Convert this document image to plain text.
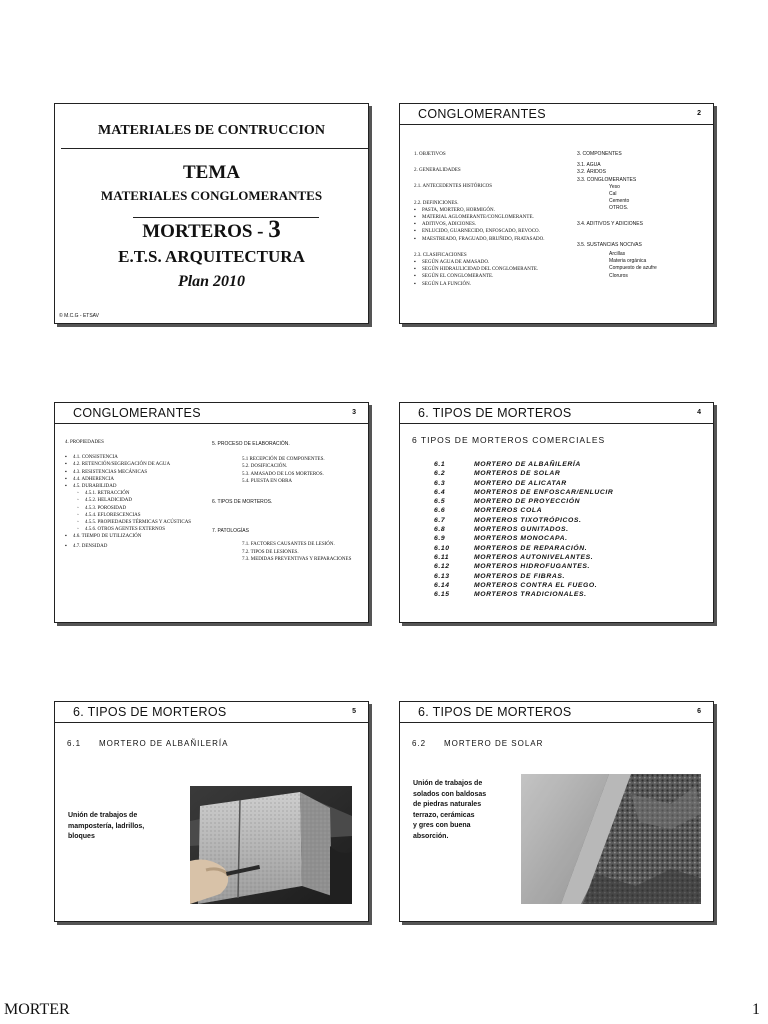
MATERIALES DE CONTRUCCION
TEMA
MATERIALES CONGLOMERANTES
MORTEROS - 3
E.T.S. ARQUITECTURA
Plan 2010
© M.C.G - ETSAV
CONGLOMERANTES	2
1. OBJETIVOS
2. GENERALIDADES
2.1. ANTECEDENTES HISTÓRICOS
2.2. DEFINICIONES.
▪ PASTA, MORTERO, HORMIGÓN.
▪ MATERIAL AGLOMERANTE/CONGLOMERANTE.
▪ ADITIVOS, ADICIONES.
▪ ENLUCIDO, GUARNECIDO, ENFOSCADO, REVOCO.
▪ MAESTREADO, FRAGUADO, BRUÑIDO, FRATASADO.
2.3. CLASIFICACIONES
▪ SEGÚN AGUA DE AMASADO.
▪ SEGÚN HIDRAULICIDAD DEL CONGLOMERANTE.
▪ SEGÚN EL CONGLOMERANTE.
▪ SEGÚN LA FUNCIÓN.
3. COMPONENTES
3.1. AGUA
3.2. ÁRIDOS
3.3. CONGLOMERANTES
Yeso
Cal
Cemento
OTROS.
3.4. ADITIVOS Y ADICIONES
3.5. SUSTANCIAS NOCIVAS
Arcillas
Materia orgánica
Compuesto de azufre
Cloruros
CONGLOMERANTES	3
4. PROPIEDADES
▪ 4.1. CONSISTENCIA
▪ 4.2. RETENCIÓN/SEGREGACIÓN DE AGUA
▪ 4.3. RESISTENCIAS MECÁNICAS
▪ 4.4. ADHERENCIA
▪ 4.5. DURABILIDAD
◦ 4.5.1. RETRACCIÓN
◦ 4.5.2. HELADICIDAD
◦ 4.5.3. POROSIDAD
◦ 4.5.4. EFLORESCENCIAS
◦ 4.5.5. PROPIEDADES TÉRMICAS Y ACÚSTICAS
◦ 4.5.6. OTROS AGENTES EXTERNOS
▪ 4.6. TIEMPO DE UTILIZACIÓN
▪ 4.7. DENSIDAD
5. PROCESO DE ELABORACIÓN.
5.1 RECEPCIÓN DE COMPONENTES.
5.2. DOSIFICACIÓN.
5.3. AMASADO DE LOS MORTEROS.
5.4. PUESTA EN OBRA
6. TIPOS DE MORTEROS.
7. PATOLOGÍAS
7.1. FACTORES CAUSANTES DE LESIÓN.
7.2. TIPOS DE LESIONES.
7.3. MEDIDAS PREVENTIVAS Y REPARACIONES
6. TIPOS DE MORTEROS	4
6 TIPOS DE MORTEROS COMERCIALES
6.1	MORTERO DE ALBAÑILERÍA
6.2	MORTEROS DE SOLAR
6.3	MORTERO DE ALICATAR
6.4	MORTEROS DE ENFOSCAR/ENLUCIR
6.5	MORTERO DE PROYECCIÓN
6.6	MORTEROS COLA
6.7	MORTEROS TIXOTRÓPICOS.
6.8	MORTEROS GUNITADOS.
6.9	MORTEROS MONOCAPA.
6.10	MORTEROS DE REPARACIÓN.
6.11	MORTEROS AUTONIVELANTES.
6.12	MORTEROS HIDROFUGANTES.
6.13	MORTEROS DE FIBRAS.
6.14	MORTEROS CONTRA EL FUEGO.
6.15	MORTEROS TRADICIONALES.
6. TIPOS DE MORTEROS	5
6.1 MORTERO DE ALBAÑILERÍA
Unión de trabajos de
mampostería, ladrillos,
bloques
6. TIPOS DE MORTEROS	6
6.2 MORTERO DE SOLAR
Unión de trabajos de
solados con baldosas
de piedras naturales
terrazo, cerámicas
y gres con buena
absorción.
MORTER	1
